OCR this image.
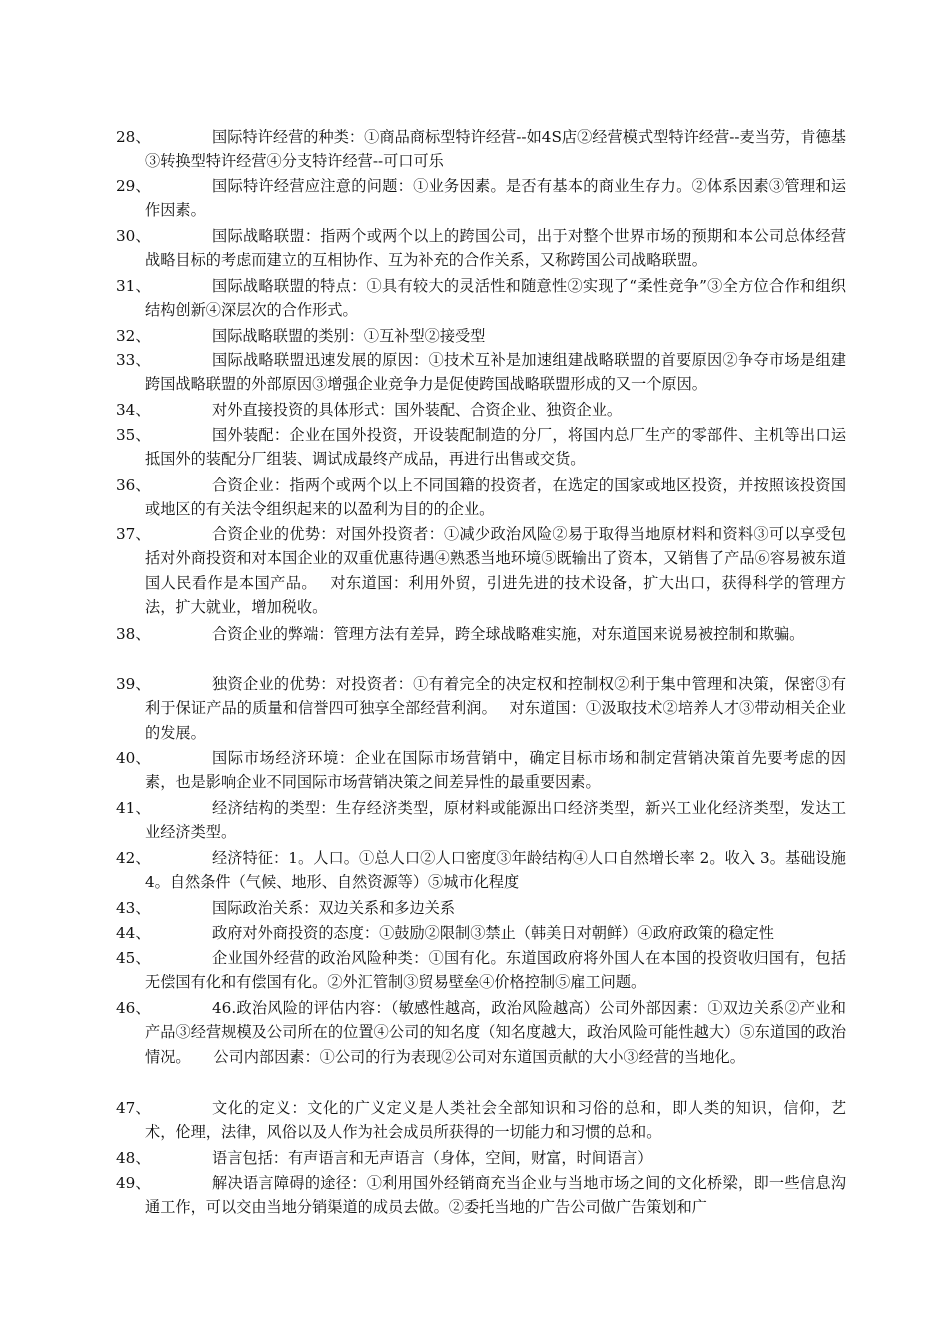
28、	国际特许经营的种类：①商品商标型特许经营--如4S店②经营模式型特许经营--麦当劳，肯德基③转换型特许经营④分支特许经营--可口可乐
29、	国际特许经营应注意的问题：①业务因素。是否有基本的商业生存力。②体系因素③管理和运作因素。
30、	国际战略联盟：指两个或两个以上的跨国公司，出于对整个世界市场的预期和本公司总体经营战略目标的考虑而建立的互相协作、互为补充的合作关系，又称跨国公司战略联盟。
31、	国际战略联盟的特点：①具有较大的灵活性和随意性②实现了“柔性竞争”③全方位合作和组织结构创新④深层次的合作形式。
32、	国际战略联盟的类别：①互补型②接受型
33、	国际战略联盟迅速发展的原因：①技术互补是加速组建战略联盟的首要原因②争夺市场是组建跨国战略联盟的外部原因③增强企业竞争力是促使跨国战略联盟形成的又一个原因。
34、	对外直接投资的具体形式：国外装配、合资企业、独资企业。
35、	国外装配：企业在国外投资，开设装配制造的分厂，将国内总厂生产的零部件、主机等出口运抵国外的装配分厂组装、调试成最终产成品，再进行出售或交货。
36、	合资企业：指两个或两个以上不同国籍的投资者，在选定的国家或地区投资，并按照该投资国或地区的有关法令组织起来的以盈利为目的的企业。
37、	合资企业的优势：对国外投资者：①减少政治风险②易于取得当地原材料和资料③可以享受包括对外商投资和对本国企业的双重优惠待遇④熟悉当地环境⑤既输出了资本，又销售了产品⑥容易被东道国人民看作是本国产品。　 对东道国：利用外贸，引进先进的技术设备，扩大出口，获得科学的管理方法，扩大就业，增加税收。
38、	合资企业的弊端：管理方法有差异，跨全球战略难实施，对东道国来说易被控制和欺骗。
39、	独资企业的优势：对投资者：①有着完全的决定权和控制权②利于集中管理和决策，保密③有利于保证产品的质量和信誉四可独享全部经营利润。　 对东道国：①汲取技术②培养人才③带动相关企业的发展。
40、	国际市场经济环境：企业在国际市场营销中，确定目标市场和制定营销决策首先要考虑的因素，也是影响企业不同国际市场营销决策之间差异性的最重要因素。
41、	经济结构的类型：生存经济类型，原材料或能源出口经济类型，新兴工业化经济类型，发达工业经济类型。
42、	经济特征：1。人口。①总人口②人口密度③年龄结构④人口自然增长率 2。收入 3。基础设施 4。自然条件（气候、地形、自然资源等）⑤城市化程度
43、	国际政治关系：双边关系和多边关系
44、	政府对外商投资的态度：①鼓励②限制③禁止（韩美日对朝鲜）④政府政策的稳定性
45、	企业国外经营的政治风险种类：①国有化。东道国政府将外国人在本国的投资收归国有，包括无偿国有化和有偿国有化。②外汇管制③贸易壁垒④价格控制⑤雇工问题。
46、	46.政治风险的评估内容：（敏感性越高，政治风险越高）公司外部因素：①双边关系②产业和产品③经营规模及公司所在的位置④公司的知名度（知名度越大，政治风险可能性越大）⑤东道国的政治情况。　　公司内部因素：①公司的行为表现②公司对东道国贡献的大小③经营的当地化。
47、	文化的定义：文化的广义定义是人类社会全部知识和习俗的总和，即人类的知识，信仰，艺术，伦理，法律，风俗以及人作为社会成员所获得的一切能力和习惯的总和。
48、	语言包括：有声语言和无声语言（身体，空间，财富，时间语言）
49、	解决语言障碍的途径：①利用国外经销商充当企业与当地市场之间的文化桥梁，即一些信息沟通工作，可以交由当地分销渠道的成员去做。②委托当地的广告公司做广告策划和广
